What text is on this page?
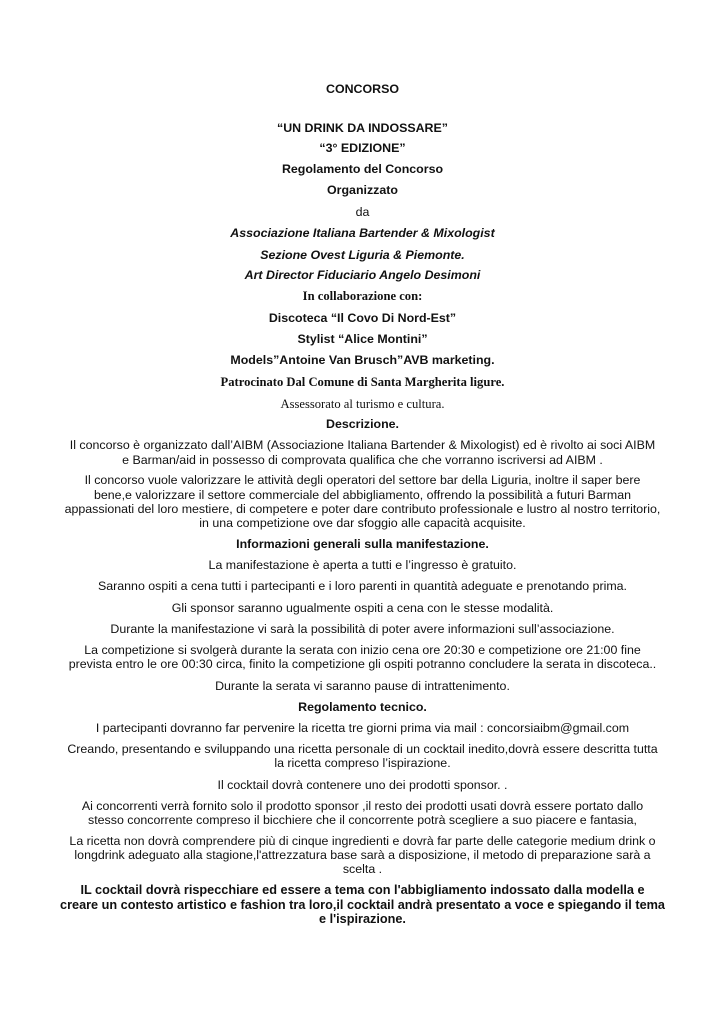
CONCORSO
“UN DRINK DA INDOSSARE”
“3° EDIZIONE”
Regolamento del Concorso
Organizzato
da
Associazione Italiana Bartender & Mixologist
Sezione Ovest Liguria & Piemonte.
Art Director Fiduciario Angelo Desimoni
In collaborazione con:
Discoteca “Il Covo Di Nord-Est”
Stylist “Alice Montini”
Models”Antoine Van Brusch”AVB marketing.
Patrocinato Dal Comune di Santa Margherita ligure.
Assessorato al turismo e cultura.
Descrizione.
Il concorso è organizzato dall’AIBM (Associazione Italiana Bartender & Mixologist) ed è rivolto ai soci AIBM
e Barman/aid in possesso di comprovata qualifica che che vorranno iscriversi ad AIBM .
Il concorso vuole valorizzare le attività degli operatori del settore bar della Liguria, inoltre il saper bere
bene,e valorizzare il settore commerciale del abbigliamento, offrendo la possibilità a futuri Barman
appassionati del loro mestiere, di competere e poter dare contributo professionale e lustro al nostro territorio,
in una competizione ove dar sfoggio alle capacità acquisite.
Informazioni generali sulla manifestazione.
La manifestazione è aperta a tutti e l’ingresso è gratuito.
Saranno ospiti a cena tutti i partecipanti e i loro parenti in quantità adeguate e prenotando prima.
Gli sponsor saranno ugualmente ospiti a cena con le stesse modalità.
Durante la manifestazione vi sarà la possibilità di poter avere informazioni sull’associazione.
La competizione si svolgerà durante la serata con inizio cena ore 20:30 e competizione ore 21:00 fine
prevista entro le ore 00:30 circa, finito la competizione gli ospiti potranno concludere la serata in discoteca..
Durante la serata vi saranno pause di intrattenimento.
Regolamento tecnico.
I partecipanti dovranno far pervenire la ricetta tre giorni prima via mail : concorsiaibm@gmail.com
Creando, presentando e sviluppando una ricetta personale di un cocktail inedito,dovrà essere descritta tutta
la ricetta compreso l’ispirazione.
Il cocktail dovrà contenere uno dei prodotti sponsor. .
Ai concorrenti verrà fornito solo il prodotto sponsor ,il resto dei prodotti usati dovrà essere portato dallo
stesso concorrente compreso il bicchiere che il concorrente potrà scegliere a suo piacere e fantasia,
La ricetta non dovrà comprendere più di cinque ingredienti e dovrà far parte delle categorie medium drink o
longdrink adeguato alla stagione,l'attrezzatura base sarà a disposizione, il metodo di preparazione sarà a
scelta .
IL cocktail dovrà rispecchiare ed essere a tema con l'abbigliamento indossato dalla modella e
creare un contesto artistico e fashion tra loro,il cocktail andrà presentato a voce e spiegando il tema
e l'ispirazione.
